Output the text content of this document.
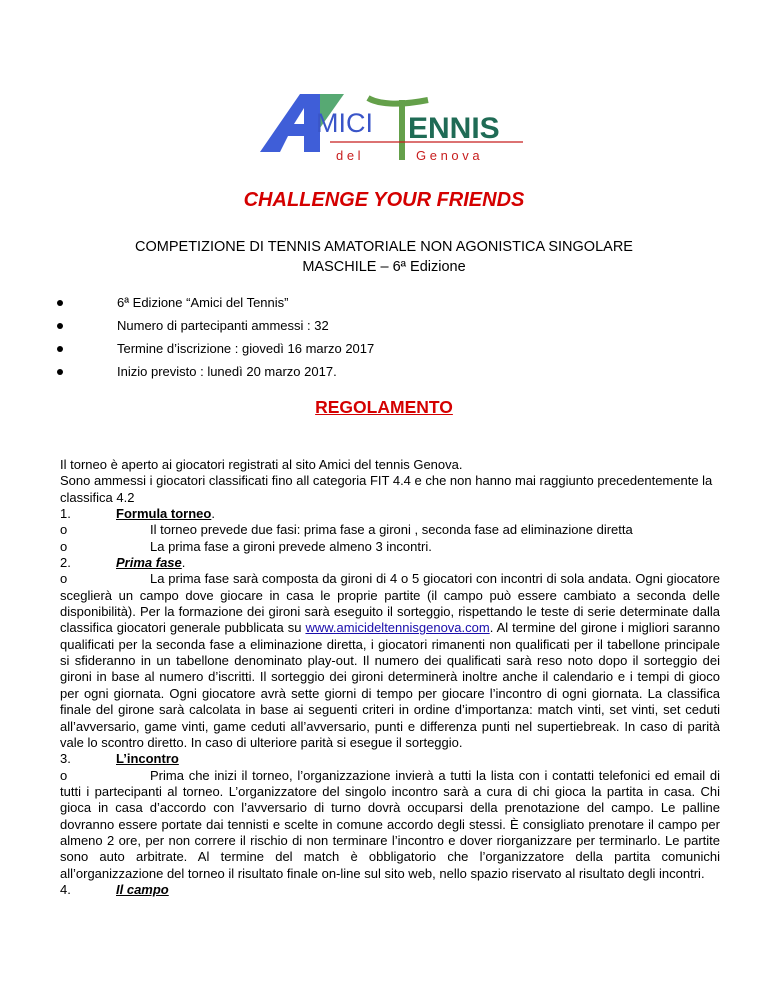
MICI ENNIS
d e l	G e n o v a
CHALLENGE YOUR FRIENDS

COMPETIZIONE DI TENNIS AMATORIALE NON AGONISTICA SINGOLARE
MASCHILE – 6ª Edizione

6ª Edizione “Amici del Tennis”
Numero di partecipanti ammessi : 32
Termine d’iscrizione : giovedì 16 marzo 2017
Inizio previsto : lunedì 20 marzo 2017.
REGOLAMENTO

Il torneo è aperto ai giocatori registrati al sito Amici del tennis Genova.

Sono ammessi i giocatori classificati fino all categoria FIT 4.4 e che non hanno mai raggiunto precedentemente la classifica 4.2

1.	Formula torneo.

o	Il torneo prevede due fasi: prima fase a gironi , seconda fase ad eliminazione diretta

o	La prima fase a gironi prevede almeno 3 incontri.

2.	Prima fase.

o	La prima fase sarà composta da gironi di 4 o 5 giocatori con incontri di sola andata. Ogni giocatore sceglierà un campo dove giocare in casa le proprie partite (il campo può essere cambiato a seconda delle disponibilità). Per la formazione dei gironi sarà eseguito il sorteggio, rispettando le teste di serie determinate dalla classifica giocatori generale pubblicata su www.amicideltennisgenova.com. Al termine del girone i migliori saranno qualificati per la seconda fase a eliminazione diretta, i giocatori rimanenti non qualificati per il tabellone principale si sfideranno in un tabellone denominato play-out. Il numero dei qualificati sarà reso noto dopo il sorteggio dei gironi in base al numero d’iscritti. Il sorteggio dei gironi determinerà inoltre anche il calendario e i tempi di gioco per ogni giornata. Ogni giocatore avrà sette giorni di tempo per giocare l’incontro di ogni giornata. La classifica finale del girone sarà calcolata in base ai seguenti criteri in ordine d’importanza: match vinti, set vinti, set ceduti all’avversario, game vinti, game ceduti all’avversario, punti e differenza punti nel supertiebreak. In caso di parità vale lo scontro diretto. In caso di ulteriore parità si esegue il sorteggio.

3.	L’incontro

o	Prima che inizi il torneo, l’organizzazione invierà a tutti la lista con i contatti telefonici ed email di tutti i partecipanti al torneo. L’organizzatore del singolo incontro sarà a cura di chi gioca la partita in casa. Chi gioca in casa d’accordo con l’avversario di turno dovrà occuparsi della prenotazione del campo. Le palline dovranno essere portate dai tennisti e scelte in comune accordo degli stessi. È consigliato prenotare il campo per almeno 2 ore, per non correre il rischio di non terminare l’incontro e dover riorganizzare per terminarlo. Le partite sono auto arbitrate. Al termine del match è obbligatorio che l’organizzatore della partita comunichi all’organizzazione del torneo il risultato finale on-line sul sito web, nello spazio riservato al risultato degli incontri.

4.	Il campo
